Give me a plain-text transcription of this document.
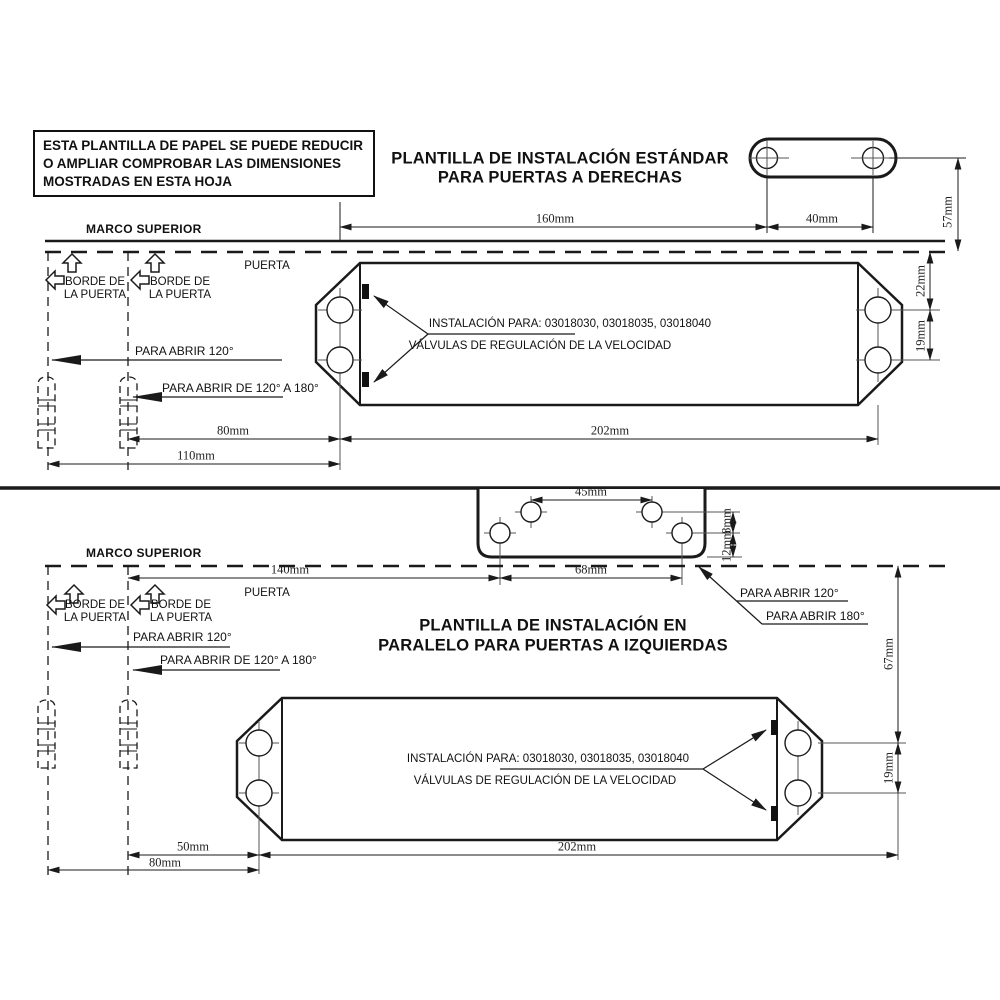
ESTA PLANTILLA DE PAPEL SE PUEDE REDUCIR
O AMPLIAR COMPROBAR LAS DIMENSIONES
MOSTRADAS EN ESTA HOJA
PLANTILLA DE INSTALACIÓN ESTÁNDAR
PARA PUERTAS A DERECHAS
MARCO SUPERIOR
PUERTA
BORDE DE
LA PUERTA
BORDE DE
LA PUERTA
PARA ABRIR 120°
PARA ABRIR DE 120° A 180°
INSTALACIÓN PARA: 03018030, 03018035, 03018040
VÁLVULAS DE REGULACIÓN DE LA VELOCIDAD
160mm	40mm	57mm
22mm
19mm
80mm
110mm
202mm
45mm
8mm
12mm
MARCO SUPERIOR
140mm	68mm
PUERTA
BORDE DE
LA PUERTA
BORDE DE
LA PUERTA
PARA ABRIR 120°
PARA ABRIR DE 120° A 180°
PARA ABRIR 120°
PARA ABRIR 180°
PLANTILLA DE INSTALACIÓN EN
PARALELO PARA PUERTAS A IZQUIERDAS	67mm
INSTALACIÓN PARA: 03018030, 03018035, 03018040
VÁLVULAS DE REGULACIÓN DE LA VELOCIDAD	19mm
50mm
80mm
202mm
